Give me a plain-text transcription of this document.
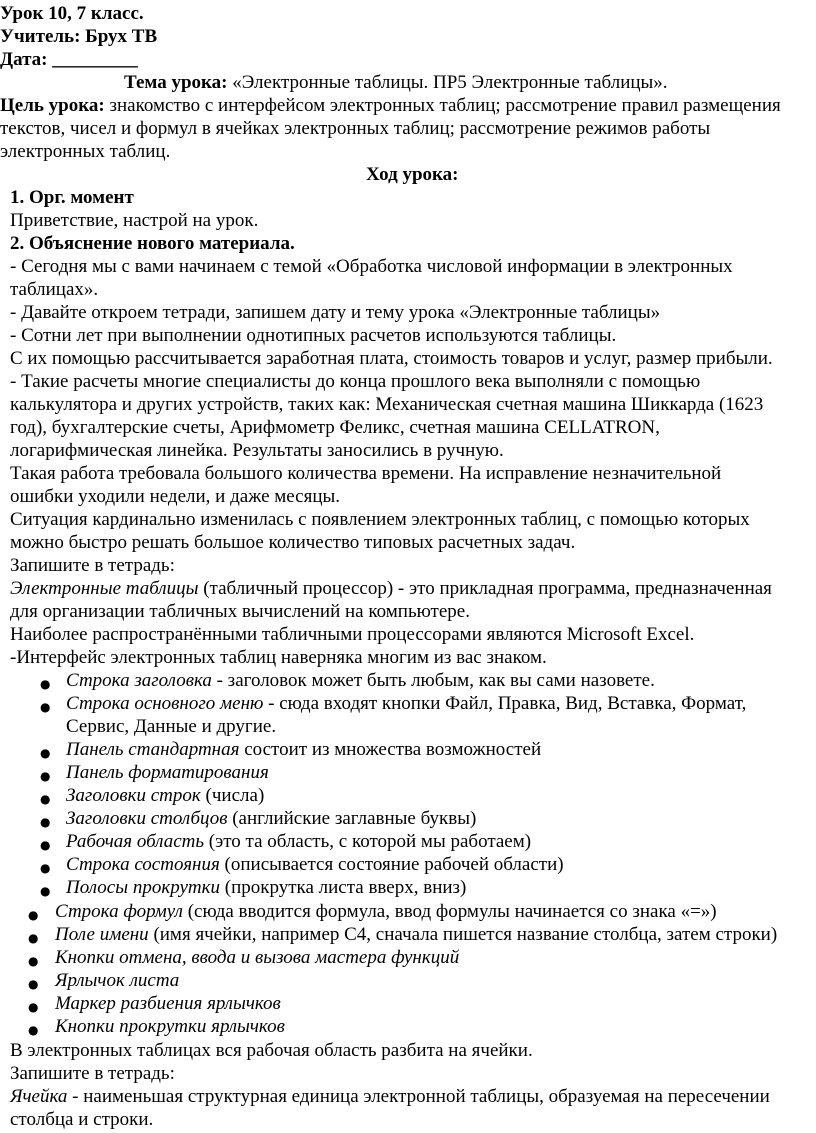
Урок 10, 7 класс.
Учитель: Брух ТВ
Дата: _________
Тема урока: «Электронные таблицы. ПР5 Электронные таблицы».
Цель урока: знакомство с интерфейсом электронных таблиц; рассмотрение правил размещения
текстов, чисел и формул в ячейках электронных таблиц; рассмотрение режимов работы
электронных таблиц.
Ход урока:
1. Орг. момент
Приветствие, настрой на урок.
2. Объяснение нового материала.
- Сегодня мы с вами начинаем с темой «Обработка числовой информации в электронных
таблицах».
- Давайте откроем тетради, запишем дату и тему урока «Электронные таблицы»
- Сотни лет при выполнении однотипных расчетов используются таблицы.
С их помощью рассчитывается заработная плата, стоимость товаров и услуг, размер прибыли.
- Такие расчеты многие специалисты до конца прошлого века выполняли с помощью
калькулятора и других устройств, таких как: Механическая счетная машина Шиккарда (1623
год), бухгалтерские счеты, Арифмометр Феликс, счетная машина CELLATRON,
логарифмическая линейка. Результаты заносились в ручную.
Такая работа требовала большого количества времени. На исправление незначительной
ошибки уходили недели, и даже месяцы.
Ситуация кардинально изменилась с появлением электронных таблиц, с помощью которых
можно быстро решать большое количество типовых расчетных задач.
Запишите в тетрадь:
Электронные таблицы (табличный процессор) - это прикладная программа, предназначенная
для организации табличных вычислений на компьютере.
Наиболее распространёнными табличными процессорами являются Microsoft Excel.
-Интерфейс электронных таблиц наверняка многим из вас знаком.
● Строка заголовка - заголовок может быть любым, как вы сами назовете.
● Строка основного меню - сюда входят кнопки Файл, Правка, Вид, Вставка, Формат,
Сервис, Данные и другие.
● Панель стандартная состоит из множества возможностей
● Панель форматирования
● Заголовки строк (числа)
● Заголовки столбцов (английские заглавные буквы)
● Рабочая область (это та область, с которой мы работаем)
● Строка состояния (описывается состояние рабочей области)
● Полосы прокрутки (прокрутка листа вверх, вниз)
● Строка формул (сюда вводится формула, ввод формулы начинается со знака «=»)
● Поле имени (имя ячейки, например С4, сначала пишется название столбца, затем строки)
● Кнопки отмена, ввода и вызова мастера функций
● Ярлычок листа
● Маркер разбиения ярлычков
● Кнопки прокрутки ярлычков
В электронных таблицах вся рабочая область разбита на ячейки.
Запишите в тетрадь:
Ячейка - наименьшая структурная единица электронной таблицы, образуемая на пересечении
столбца и строки.
